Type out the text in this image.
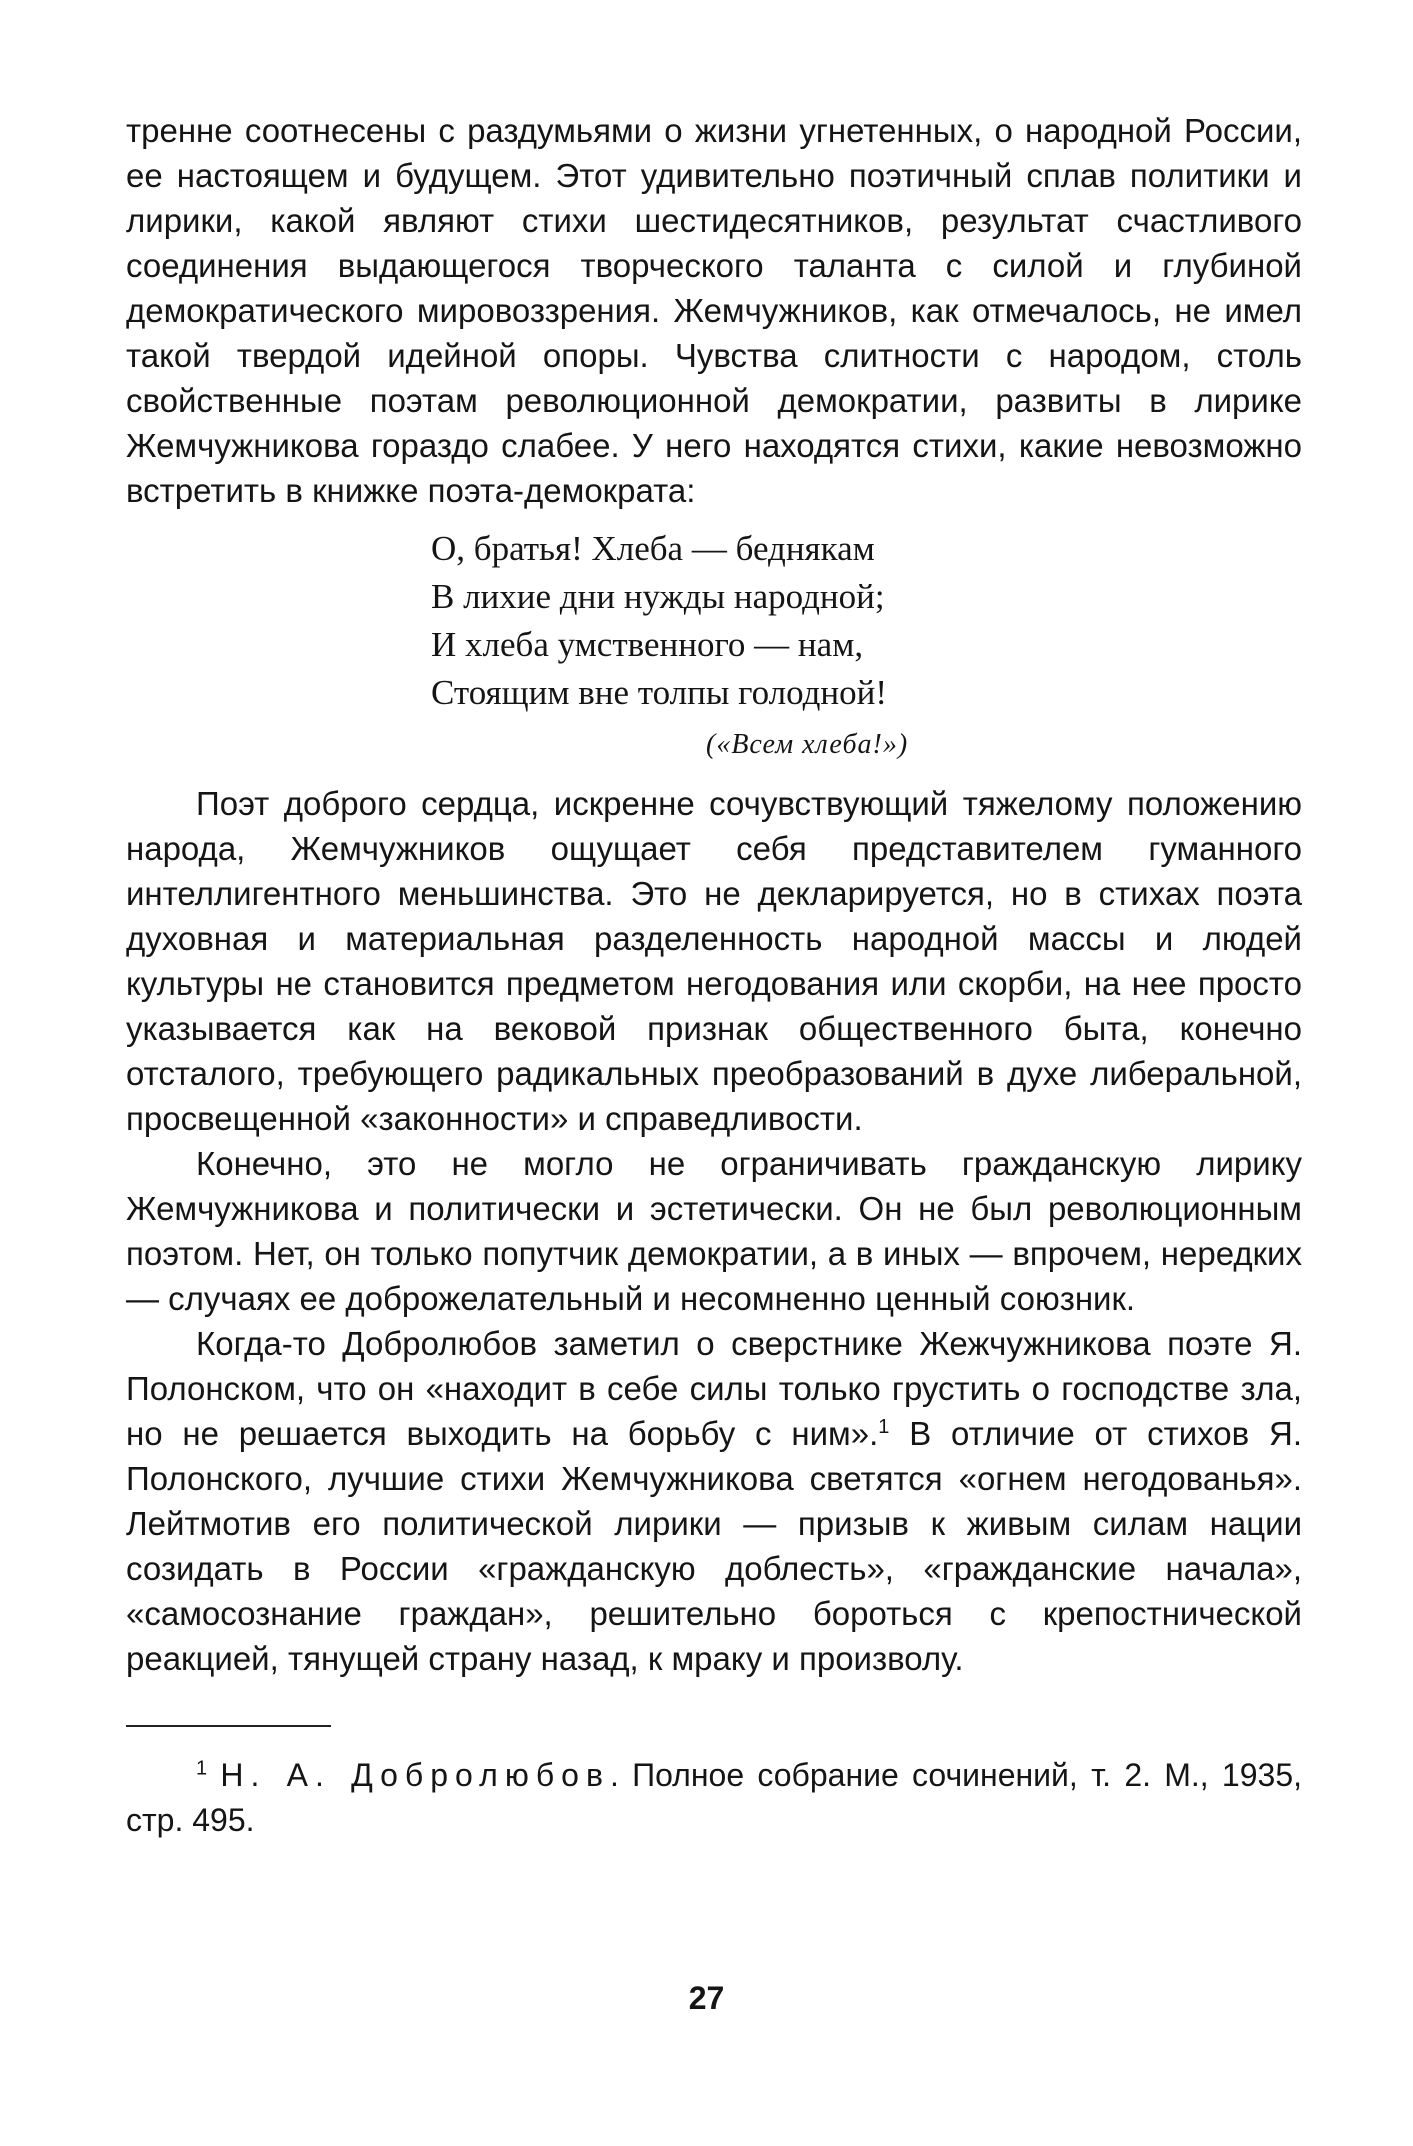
тренне соотнесены с раздумьями о жизни угнетенных, о народной России, ее настоящем и будущем. Этот удивительно поэтичный сплав политики и лирики, какой являют стихи шестидесятников, результат счастливого соединения выдающегося творческого таланта с силой и глубиной демократического мировоззрения. Жемчужников, как отмечалось, не имел такой твердой идейной опоры. Чувства слитности с народом, столь свойственные поэтам революционной демократии, развиты в лирике Жемчужникова гораздо слабее. У него находятся стихи, какие невозможно встретить в книжке поэта-демократа:

О, братья! Хлеба — беднякам
В лихие дни нужды народной;
И хлеба умственного — нам,
Стоящим вне толпы голодной!
(«Всем хлеба!»)

Поэт доброго сердца, искренне сочувствующий тяжелому положению народа, Жемчужников ощущает себя представителем гуманного интеллигентного меньшинства. Это не декларируется, но в стихах поэта духовная и материальная разделенность народной массы и людей культуры не становится предметом негодования или скорби, на нее просто указывается как на вековой признак общественного быта, конечно отсталого, требующего радикальных преобразований в духе либеральной, просвещенной «законности» и справедливости.

Конечно, это не могло не ограничивать гражданскую лирику Жемчужникова и политически и эстетически. Он не был революционным поэтом. Нет, он только попутчик демократии, а в иных — впрочем, нередких — случаях ее доброжелательный и несомненно ценный союзник.

Когда-то Добролюбов заметил о сверстнике Жежчужникова поэте Я. Полонском, что он «находит в себе силы только грустить о господстве зла, но не решается выходить на борьбу с ним».$^1$ В отличие от стихов Я. Полонского, лучшие стихи Жемчужникова светятся «огнем негодованья». Лейтмотив его политической лирики — призыв к живым силам нации созидать в России «гражданскую доблесть», «гражданские начала», «самосознание граждан», решительно бороться с крепостнической реакцией, тянущей страну назад, к мраку и произволу.

$^1$ Н. А. Добролюбов. Полное собрание сочинений, т. 2. М., 1935, стр. 495.

27
